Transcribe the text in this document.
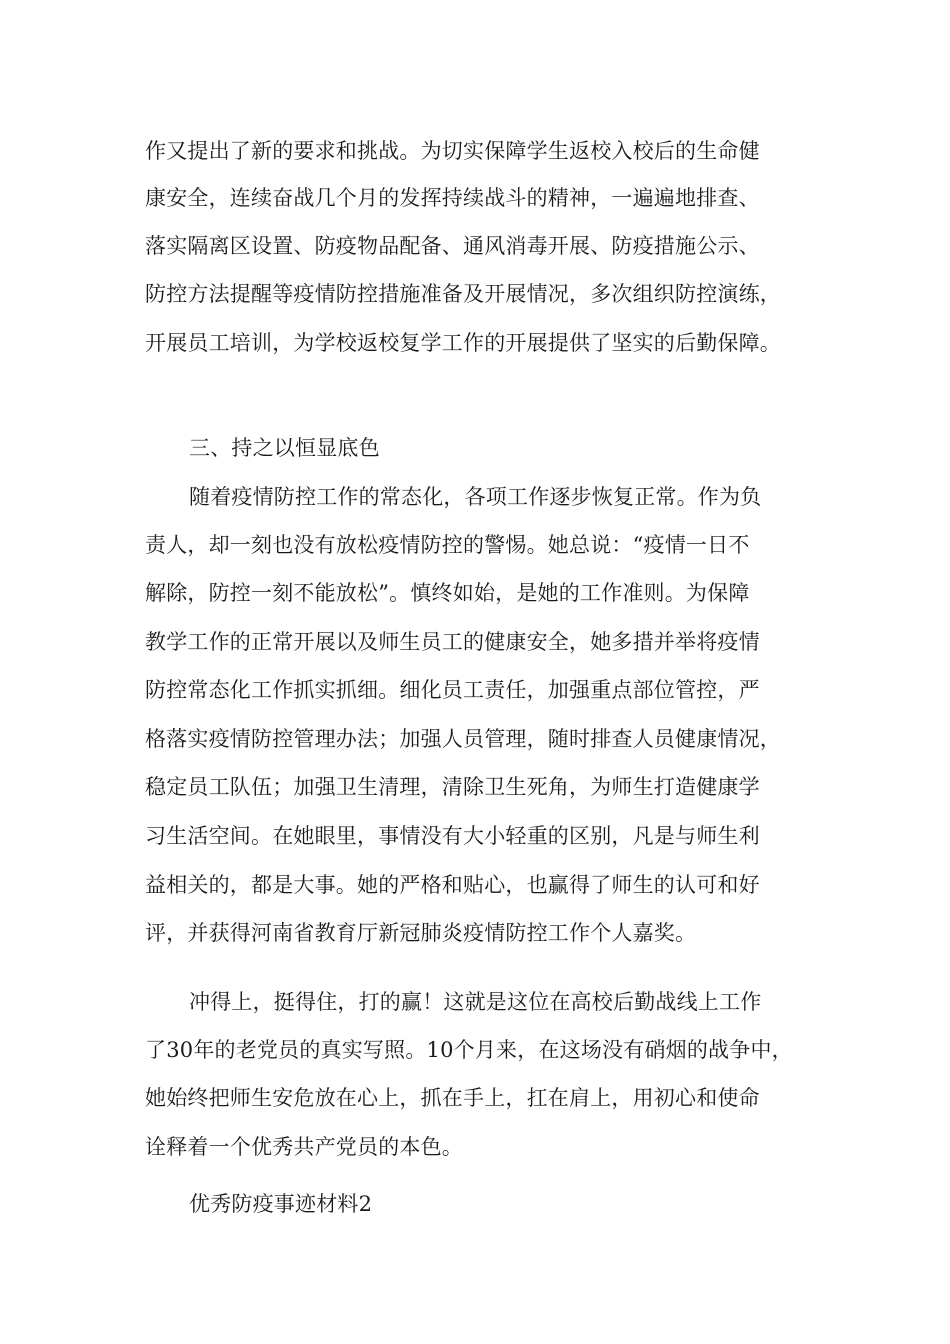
作又提出了新的要求和挑战。为切实保障学生返校入校后的生命健
康安全，连续奋战几个月的发挥持续战斗的精神，一遍遍地排查、
落实隔离区设置、防疫物品配备、通风消毒开展、防疫措施公示、
防控方法提醒等疫情防控措施准备及开展情况，多次组织防控演练，
开展员工培训，为学校返校复学工作的开展提供了坚实的后勤保障。
三、持之以恒显底色
随着疫情防控工作的常态化，各项工作逐步恢复正常。作为负
责人，却一刻也没有放松疫情防控的警惕。她总说：“疫情一日不
解除，防控一刻不能放松”。慎终如始，是她的工作准则。为保障
教学工作的正常开展以及师生员工的健康安全，她多措并举将疫情
防控常态化工作抓实抓细。细化员工责任，加强重点部位管控，严
格落实疫情防控管理办法；加强人员管理，随时排查人员健康情况，
稳定员工队伍；加强卫生清理，清除卫生死角，为师生打造健康学
习生活空间。在她眼里，事情没有大小轻重的区别，凡是与师生利
益相关的，都是大事。她的严格和贴心，也赢得了师生的认可和好
评，并获得河南省教育厅新冠肺炎疫情防控工作个人嘉奖。
冲得上，挺得住，打的赢！这就是这位在高校后勤战线上工作
了30年的老党员的真实写照。10个月来，在这场没有硝烟的战争中，
她始终把师生安危放在心上，抓在手上，扛在肩上，用初心和使命
诠释着一个优秀共产党员的本色。
优秀防疫事迹材料2
